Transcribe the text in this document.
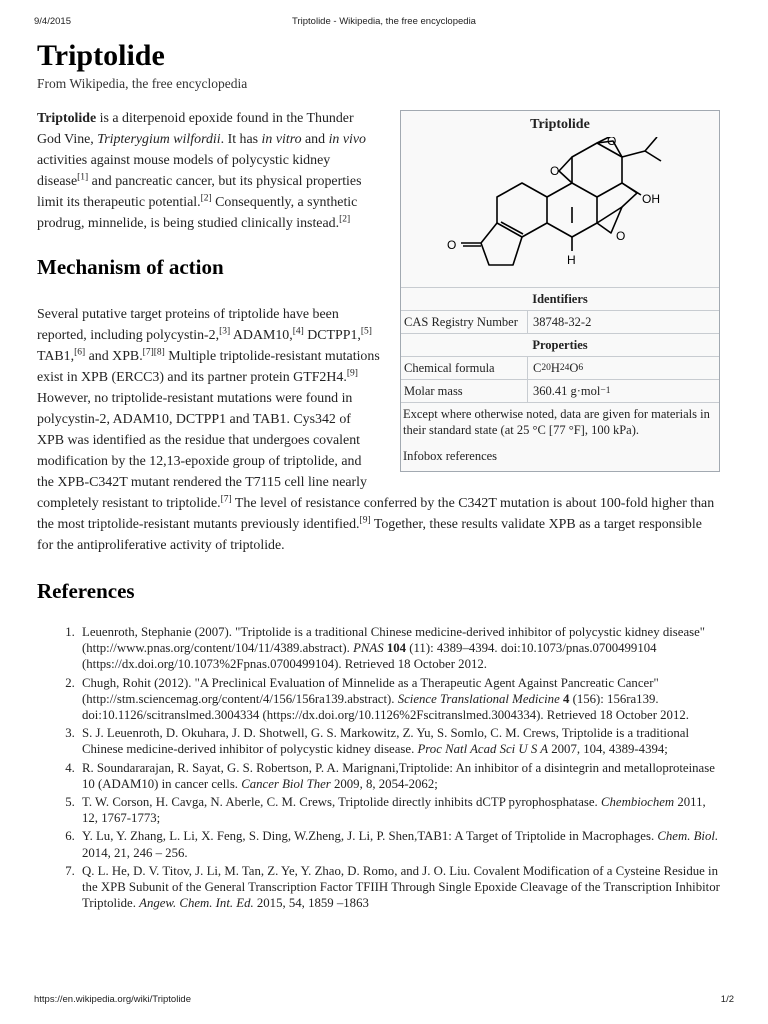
9/4/2015	Triptolide - Wikipedia, the free encyclopedia
Triptolide
From Wikipedia, the free encyclopedia
Triptolide
O
O
O
O
OH
H
Identifiers
CAS Registry Number	38748-32-2
Properties
Chemical formula	C 20 H 24 O 6
Molar mass	360.41 g·mol −1
Except where otherwise noted, data are given for materials in their standard state (at 25 °C [77 °F], 100 kPa).
Infobox references

Triptolide is a diterpenoid epoxide found in the Thunder God Vine, Tripterygium wilfordii. It has in vitro and in vivo activities against mouse models of polycystic kidney disease[1] and pancreatic cancer, but its physical properties limit its therapeutic potential.[2] Consequently, a synthetic prodrug, minnelide, is being studied clinically instead.[2]

Mechanism of action

Several putative target proteins of triptolide have been reported, including polycystin-2,[3] ADAM10,[4] DCTPP1,[5] TAB1,[6] and XPB.[7][8] Multiple triptolide-resistant mutations exist in XPB (ERCC3) and its partner protein GTF2H4.[9] However, no triptolide-resistant mutations were found in polycystin-2, ADAM10, DCTPP1 and TAB1. Cys342 of XPB was identified as the residue that undergoes covalent modification by the 12,13-epoxide group of triptolide, and the XPB-C342T mutant rendered the T7115 cell line nearly completely resistant to triptolide.[7] The level of resistance conferred by the C342T mutation is about 100-fold higher than the most triptolide-resistant mutants previously identified.[9] Together, these results validate XPB as a target responsible for the antiproliferative activity of triptolide.

References
1. Leuenroth, Stephanie (2007). "Triptolide is a traditional Chinese medicine-derived inhibitor of polycystic kidney disease" (http://www.pnas.org/content/104/11/4389.abstract). PNAS 104 (11): 4389–4394. doi:10.1073/pnas.0700499104 (https://dx.doi.org/10.1073%2Fpnas.0700499104). Retrieved 18 October 2012.
2. Chugh, Rohit (2012). "A Preclinical Evaluation of Minnelide as a Therapeutic Agent Against Pancreatic Cancer" (http://stm.sciencemag.org/content/4/156/156ra139.abstract). Science Translational Medicine 4 (156): 156ra139. doi:10.1126/scitranslmed.3004334 (https://dx.doi.org/10.1126%2Fscitranslmed.3004334). Retrieved 18 October 2012.
3. S. J. Leuenroth, D. Okuhara, J. D. Shotwell, G. S. Markowitz, Z. Yu, S. Somlo, C. M. Crews, Triptolide is a traditional Chinese medicine-derived inhibitor of polycystic kidney disease. Proc Natl Acad Sci U S A 2007, 104, 4389-4394;
4. R. Soundararajan, R. Sayat, G. S. Robertson, P. A. Marignani,Triptolide: An inhibitor of a disintegrin and metalloproteinase 10 (ADAM10) in cancer cells. Cancer Biol Ther 2009, 8, 2054-2062;
5. T. W. Corson, H. Cavga, N. Aberle, C. M. Crews, Triptolide directly inhibits dCTP pyrophosphatase. Chembiochem 2011, 12, 1767-1773;
6. Y. Lu, Y. Zhang, L. Li, X. Feng, S. Ding, W.Zheng, J. Li, P. Shen,TAB1: A Target of Triptolide in Macrophages. Chem. Biol. 2014, 21, 246 – 256.
7. Q. L. He, D. V. Titov, J. Li, M. Tan, Z. Ye, Y. Zhao, D. Romo, and J. O. Liu. Covalent Modification of a Cysteine Residue in the XPB Subunit of the General Transcription Factor TFIIH Through Single Epoxide Cleavage of the Transcription Inhibitor Triptolide. Angew. Chem. Int. Ed. 2015, 54, 1859 –1863
https://en.wikipedia.org/wiki/Triptolide	1/2
